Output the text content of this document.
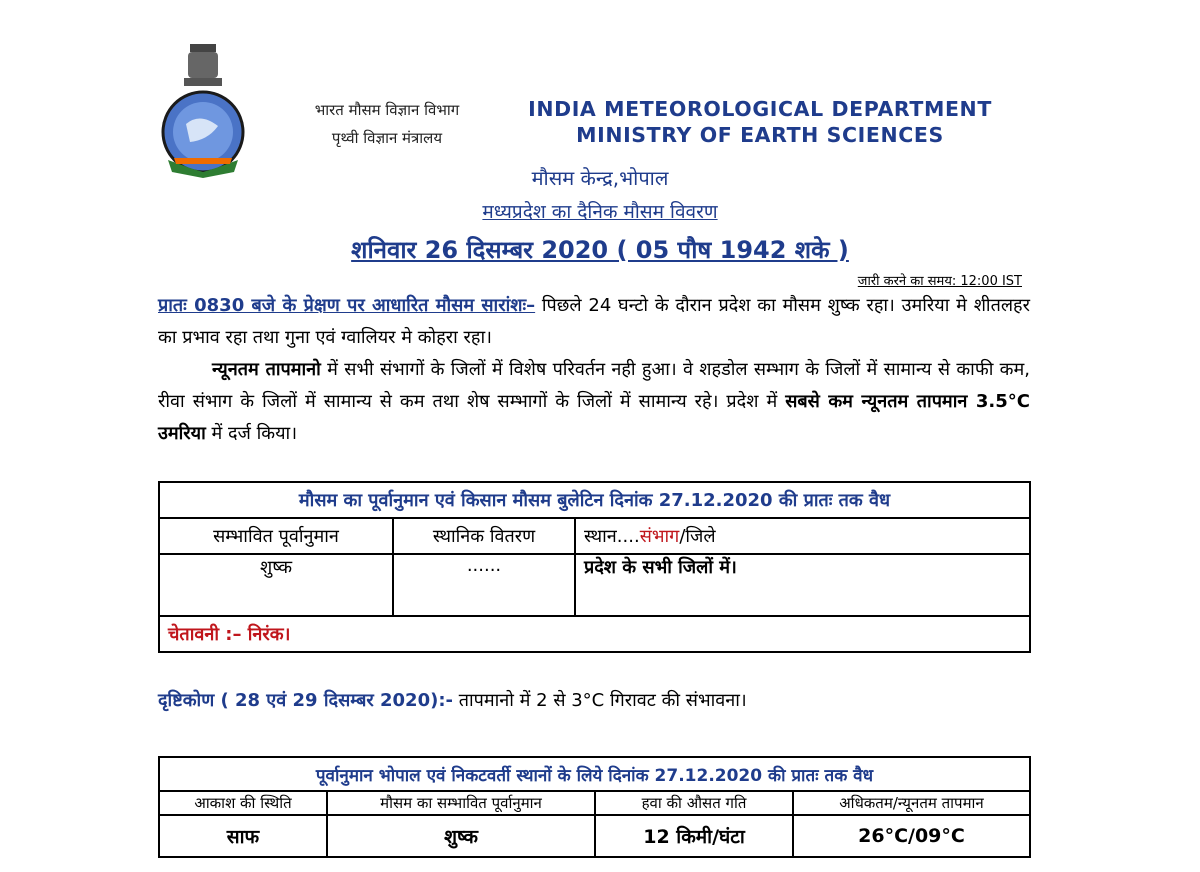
भारत मौसम विज्ञान विभाग
पृथ्वी विज्ञान मंत्रालय
INDIA METEOROLOGICAL DEPARTMENT
MINISTRY OF EARTH SCIENCES
मौसम केन्द्र,भोपाल
मध्यप्रदेश का दैनिक मौसम विवरण
शनिवार 26 दिसम्बर 2020 ( 05 पौष 1942 शके )
जारी करने का समय: 12:00 IST
प्रातः 0830 बजे के प्रेक्षण पर आधारित मौसम सारांशः– पिछले 24 घन्टो के दौरान प्रदेश का मौसम शुष्क रहा। उमरिया मे शीतलहर का प्रभाव रहा तथा गुना एवं ग्वालियर मे कोहरा रहा।
न्यूनतम तापमानो में सभी संभागों के जिलों में विशेष परिवर्तन नही हुआ। वे शहडोल सम्भाग के जिलों में सामान्य से काफी कम, रीवा संभाग के जिलों में सामान्य से कम तथा शेष सम्भागों के जिलों में सामान्य रहे। प्रदेश में सबसे कम न्यूनतम तापमान 3.5°C उमरिया में दर्ज किया।
मौसम का पूर्वानुमान एवं किसान मौसम बुलेटिन दिनांक 27.12.2020 की प्रातः तक वैध		
सम्भावित पूर्वानुमान	स्थानिक वितरण	स्थान....संभाग/जिले
शुष्क	......	प्रदेश के सभी जिलों में।
चेतावनी :– निरंक।		
दृष्टिकोण ( 28 एवं 29 दिसम्बर 2020):- तापमानो में 2 से 3°C गिरावट की संभावना।
पूर्वानुमान भोपाल एवं निकटवर्ती स्थानों के लिये दिनांक 27.12.2020 की प्रातः तक वैध			
आकाश की स्थिति	मौसम का सम्भावित पूर्वानुमान	हवा की औसत गति	अधिकतम/न्यूनतम तापमान
साफ	शुष्क	12 किमी/घंटा	26°C/09°C
